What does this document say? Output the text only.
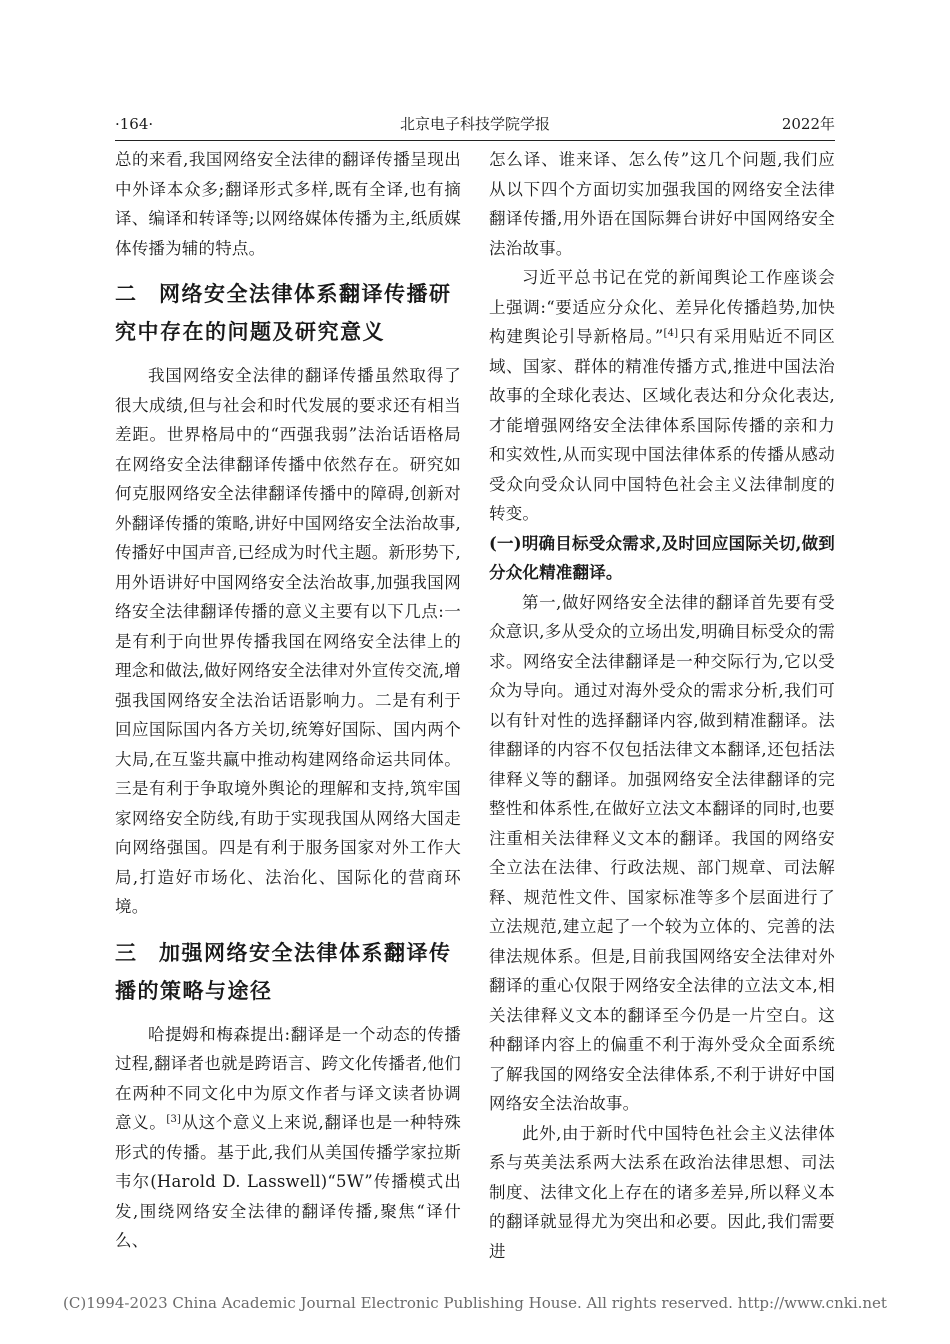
·164·	北京电子科技学院学报	2022年

总的来看,我国网络安全法律的翻译传播呈现出中外译本众多;翻译形式多样,既有全译,也有摘译、编译和转译等;以网络媒体传播为主,纸质媒体传播为辅的特点。

二 网络安全法律体系翻译传播研究中存在的问题及研究意义

我国网络安全法律的翻译传播虽然取得了很大成绩,但与社会和时代发展的要求还有相当差距。世界格局中的“西强我弱”法治话语格局在网络安全法律翻译传播中依然存在。研究如何克服网络安全法律翻译传播中的障碍,创新对外翻译传播的策略,讲好中国网络安全法治故事,传播好中国声音,已经成为时代主题。新形势下,用外语讲好中国网络安全法治故事,加强我国网络安全法律翻译传播的意义主要有以下几点:一是有利于向世界传播我国在网络安全法律上的理念和做法,做好网络安全法律对外宣传交流,增强我国网络安全法治话语影响力。二是有利于回应国际国内各方关切,统筹好国际、国内两个大局,在互鉴共赢中推动构建网络命运共同体。三是有利于争取境外舆论的理解和支持,筑牢国家网络安全防线,有助于实现我国从网络大国走向网络强国。四是有利于服务国家对外工作大局,打造好市场化、法治化、国际化的营商环境。

三 加强网络安全法律体系翻译传播的策略与途径

哈提姆和梅森提出:翻译是一个动态的传播过程,翻译者也就是跨语言、跨文化传播者,他们在两种不同文化中为原文作者与译文读者协调意义。[3]从这个意义上来说,翻译也是一种特殊形式的传播。基于此,我们从美国传播学家拉斯韦尔(Harold D. Lasswell)“5W”传播模式出发,围绕网络安全法律的翻译传播,聚焦“译什么、

怎么译、谁来译、怎么传”这几个问题,我们应从以下四个方面切实加强我国的网络安全法律翻译传播,用外语在国际舞台讲好中国网络安全法治故事。

习近平总书记在党的新闻舆论工作座谈会上强调:“要适应分众化、差异化传播趋势,加快构建舆论引导新格局。”[4]只有采用贴近不同区域、国家、群体的精准传播方式,推进中国法治故事的全球化表达、区域化表达和分众化表达,才能增强网络安全法律体系国际传播的亲和力和实效性,从而实现中国法律体系的传播从感动受众向受众认同中国特色社会主义法律制度的转变。

(一)明确目标受众需求,及时回应国际关切,做到分众化精准翻译。

第一,做好网络安全法律的翻译首先要有受众意识,多从受众的立场出发,明确目标受众的需求。网络安全法律翻译是一种交际行为,它以受众为导向。通过对海外受众的需求分析,我们可以有针对性的选择翻译内容,做到精准翻译。法律翻译的内容不仅包括法律文本翻译,还包括法律释义等的翻译。加强网络安全法律翻译的完整性和体系性,在做好立法文本翻译的同时,也要注重相关法律释义文本的翻译。我国的网络安全立法在法律、行政法规、部门规章、司法解释、规范性文件、国家标准等多个层面进行了立法规范,建立起了一个较为立体的、完善的法律法规体系。但是,目前我国网络安全法律对外翻译的重心仅限于网络安全法律的立法文本,相关法律释义文本的翻译至今仍是一片空白。这种翻译内容上的偏重不利于海外受众全面系统了解我国的网络安全法律体系,不利于讲好中国网络安全法治故事。

此外,由于新时代中国特色社会主义法律体系与英美法系两大法系在政治法律思想、司法制度、法律文化上存在的诸多差异,所以释义本的翻译就显得尤为突出和必要。因此,我们需要进

(C)1994-2023 China Academic Journal Electronic Publishing House. All rights reserved. http://www.cnki.net
